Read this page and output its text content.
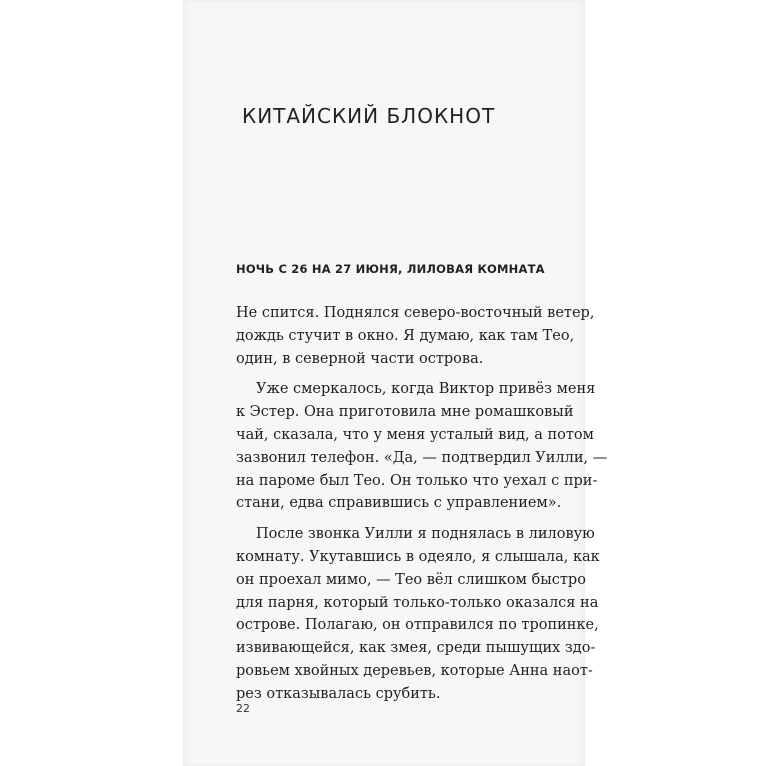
КИТАЙСКИЙ БЛОКНОТ
НОЧЬ С 26 НА 27 ИЮНЯ, ЛИЛОВАЯ КОМНАТА
Не спится. Поднялся северо-восточный ветер,
дождь стучит в окно. Я думаю, как там Тео,
один, в северной части острова.
Уже смеркалось, когда Виктор привёз меня
к Эстер. Она приготовила мне ромашковый
чай, сказала, что у меня усталый вид, а потом
зазвонил телефон. «Да, — подтвердил Уилли, —
на пароме был Тео. Он только что уехал с при-
стани, едва справившись с управлением».
После звонка Уилли я поднялась в лиловую
комнату. Укутавшись в одеяло, я слышала, как
он проехал мимо, — Тео вёл слишком быстро
для парня, который только-только оказался на
острове. Полагаю, он отправился по тропинке,
извивающейся, как змея, среди пышущих здо-
ровьем хвойных деревьев, которые Анна наот-
рез отказывалась срубить.
22
